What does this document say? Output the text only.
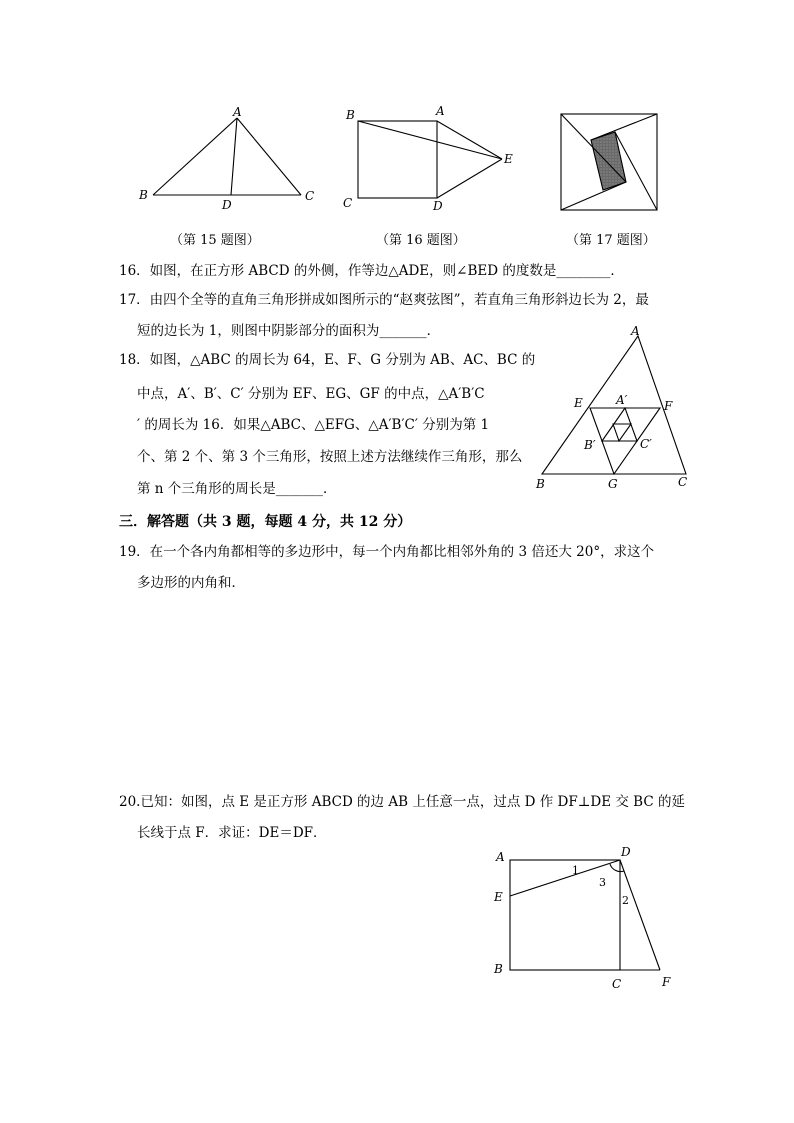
A
B	C
D
（第 15 题图）
B	A
E
C	D
（第 16 题图）	（第 17 题图）
16．如图，在正方形 ABCD 的外侧，作等边△ADE，则∠BED 的度数是________．
17．由四个全等的直角三角形拼成如图所示的“赵爽弦图”，若直角三角形斜边长为 2，最
短的边长为 1，则图中阴影部分的面积为_______．
18．如图，△ABC 的周长为 64，E、F、G 分别为 AB、AC、BC 的
中点，A′、B′、C′ 分别为 EF、EG、GF 的中点，△A′B′C
′ 的周长为 16．如果△ABC、△EFG、△A′B′C′ 分别为第 1
个、第 2 个、第 3 个三角形，按照上述方法继续作三角形，那么
第 n 个三角形的周长是_______．
A
B	C
E	F
G
A′
B′	C′
三．解答题（共 3 题，每题 4 分，共 12 分）
19．在一个各内角都相等的多边形中，每一个内角都比相邻外角的 3 倍还大 20°，求这个
多边形的内角和．
20.已知：如图，点 E 是正方形 ABCD 的边 AB 上任意一点，过点 D 作 DF⊥DE 交 BC 的延
长线于点 F．求证：DE＝DF．
A	D
E
B
C	F
1
3
2
